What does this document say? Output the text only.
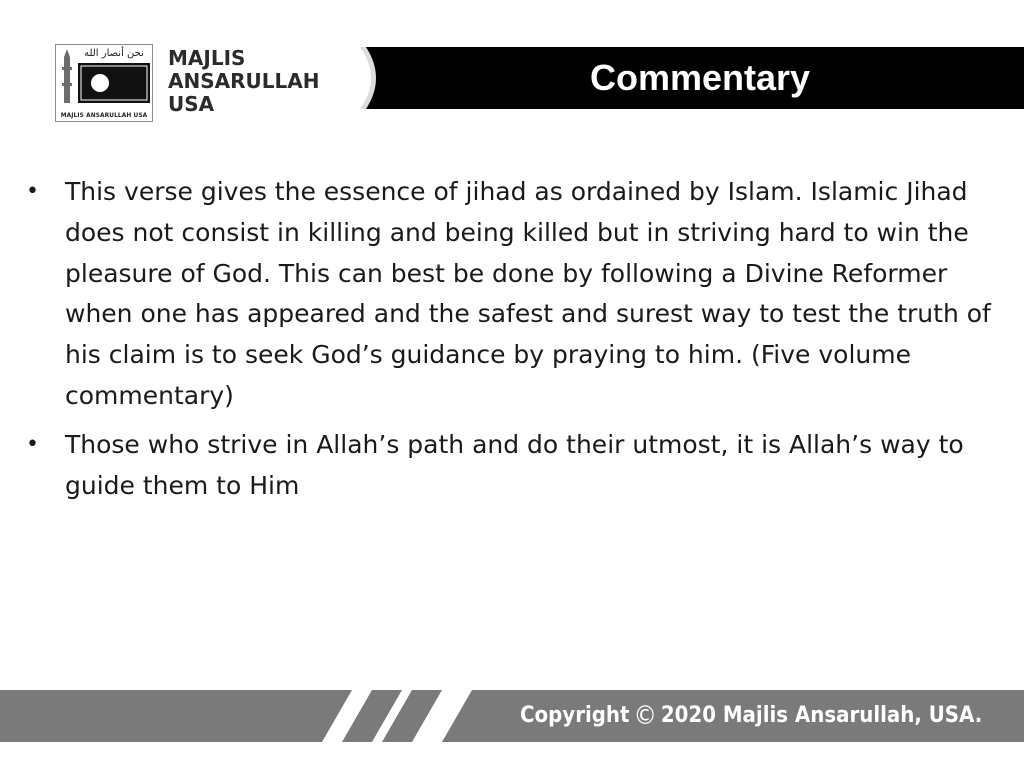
نحن أنصار الله
MAJLIS ANSARULLAH USA
MAJLIS
ANSARULLAH
USA
Commentary
• This verse gives the essence of jihad as ordained by Islam. Islamic Jihad does not consist in killing and being killed but in striving hard to win the pleasure of God. This can best be done by following a Divine Reformer when one has appeared and the safest and surest way to test the truth of his claim is to seek God’s guidance by praying to him. (Five volume commentary)
• Those who strive in Allah’s path and do their utmost, it is Allah’s way to guide them to Him
Copyright © 2020 Majlis Ansarullah, USA.
